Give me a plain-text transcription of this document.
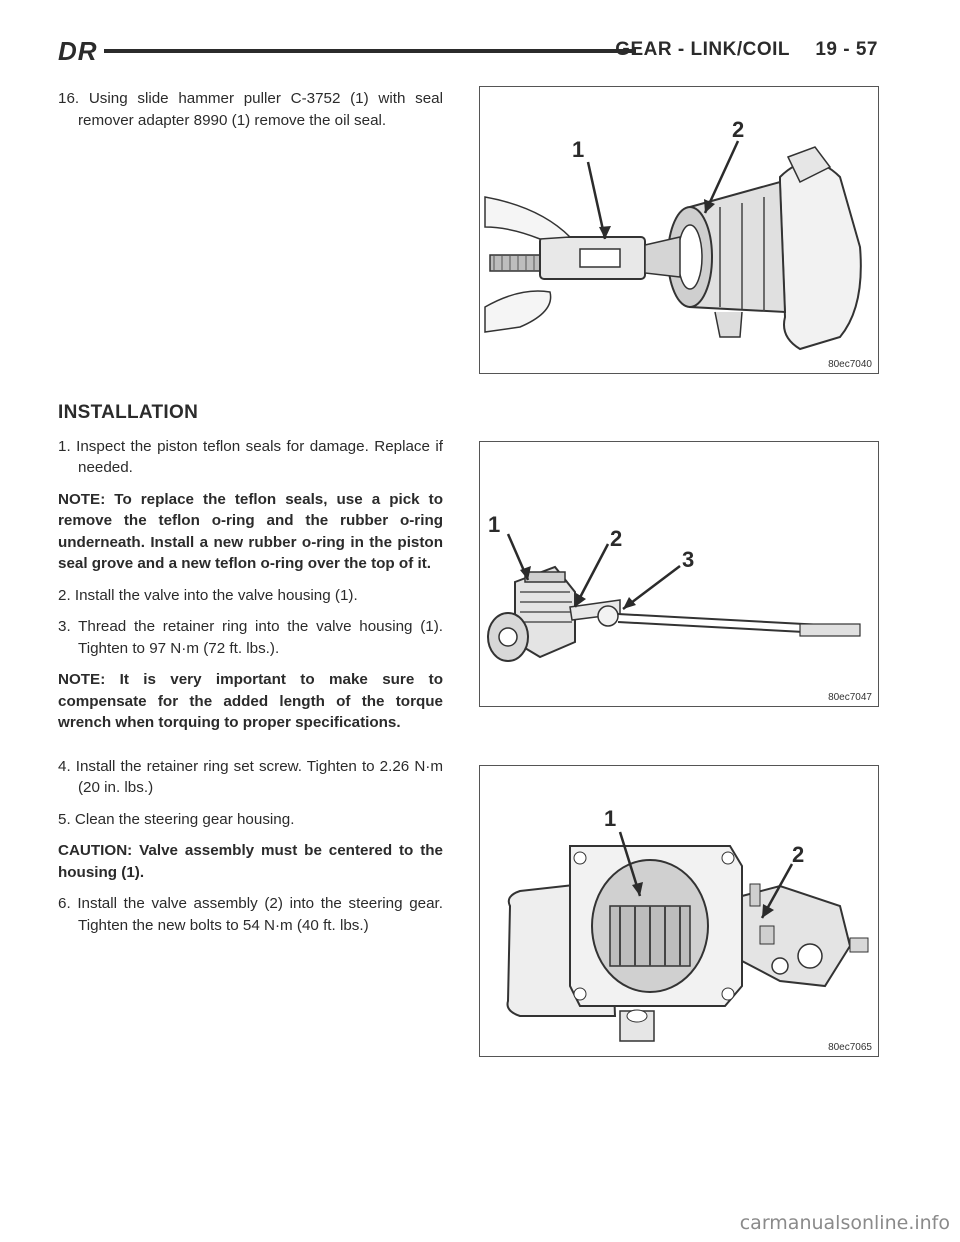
DR	GEAR - LINK/COIL 19 - 57

16. Using slide hammer puller C-3752 (1) with seal remover adapter 8990 (1) remove the oil seal.

1
2
80ec7040
INSTALLATION

1. Inspect the piston teflon seals for damage. Replace if needed.

NOTE: To replace the teflon seals, use a pick to remove the teflon o-ring and the rubber o-ring underneath. Install a new rubber o-ring in the piston seal grove and a new teflon o-ring over the top of it.

2. Install the valve into the valve housing (1).

3. Thread the retainer ring into the valve housing (1). Tighten to 97 N·m (72 ft. lbs.).

NOTE: It is very important to make sure to compensate for the added length of the torque wrench when torquing to proper specifications.

4. Install the retainer ring set screw. Tighten to 2.26 N·m (20 in. lbs.)

5. Clean the steering gear housing.

CAUTION: Valve assembly must be centered to the housing (1).

6. Install the valve assembly (2) into the steering gear. Tighten the new bolts to 54 N·m (40 ft. lbs.)

1
2
3
80ec7047
1
2
80ec7065
carmanualsonline.info
